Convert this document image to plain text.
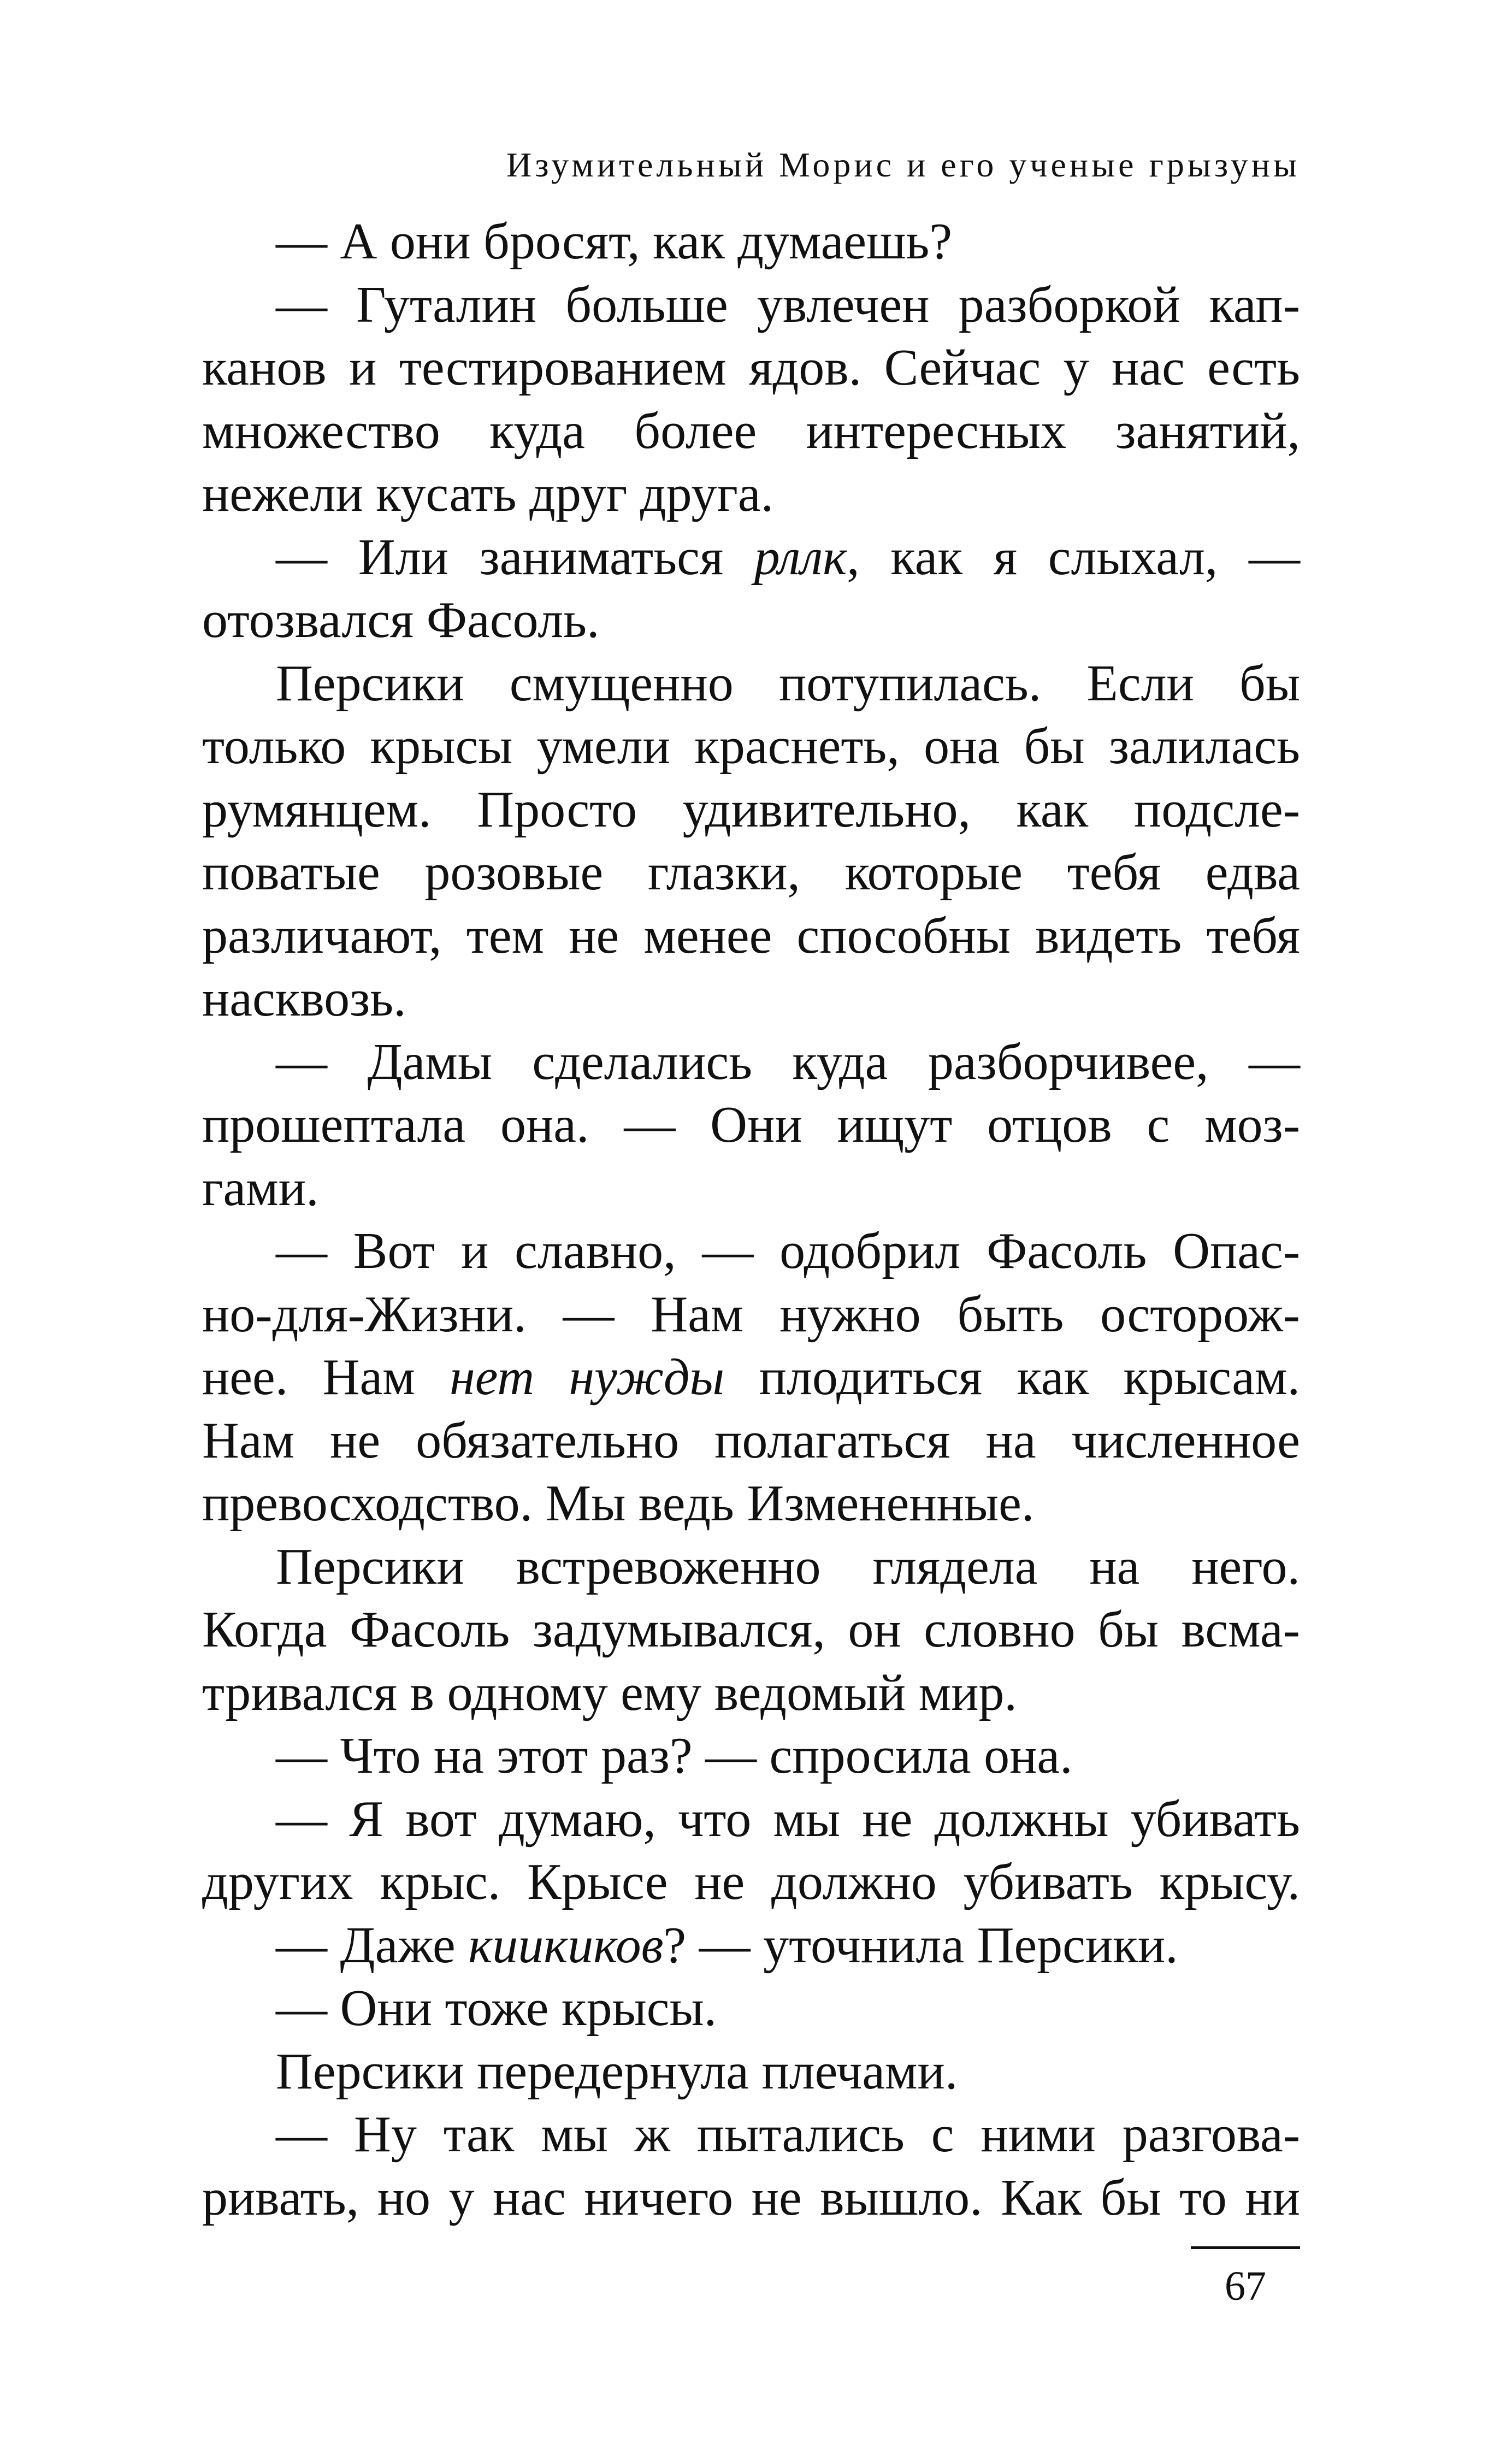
Изумительный Морис и его ученые грызуны
— А они бросят, как думаешь?
— Гуталин больше увлечен разборкой кап-
канов и тестированием ядов. Сейчас у нас есть
множество куда более интересных занятий,
нежели кусать друг друга.
— Или заниматься рллк, как я слыхал, —
отозвался Фасоль.
Персики смущенно потупилась. Если бы
только крысы умели краснеть, она бы залилась
румянцем. Просто удивительно, как подсле-
поватые розовые глазки, которые тебя едва
различают, тем не менее способны видеть тебя
насквозь.
— Дамы сделались куда разборчивее, —
прошептала она. — Они ищут отцов с моз-
гами.
— Вот и славно, — одобрил Фасоль Опас-
но-для-Жизни. — Нам нужно быть осторож-
нее. Нам нет нужды плодиться как крысам.
Нам не обязательно полагаться на численное
превосходство. Мы ведь Измененные.
Персики встревоженно глядела на него.
Когда Фасоль задумывался, он словно бы всма-
тривался в одному ему ведомый мир.
— Что на этот раз? — спросила она.
— Я вот думаю, что мы не должны убивать
других крыс. Крысе не должно убивать крысу.
— Даже киикиков? — уточнила Персики.
— Они тоже крысы.
Персики передернула плечами.
— Ну так мы ж пытались с ними разгова-
ривать, но у нас ничего не вышло. Как бы то ни
67
